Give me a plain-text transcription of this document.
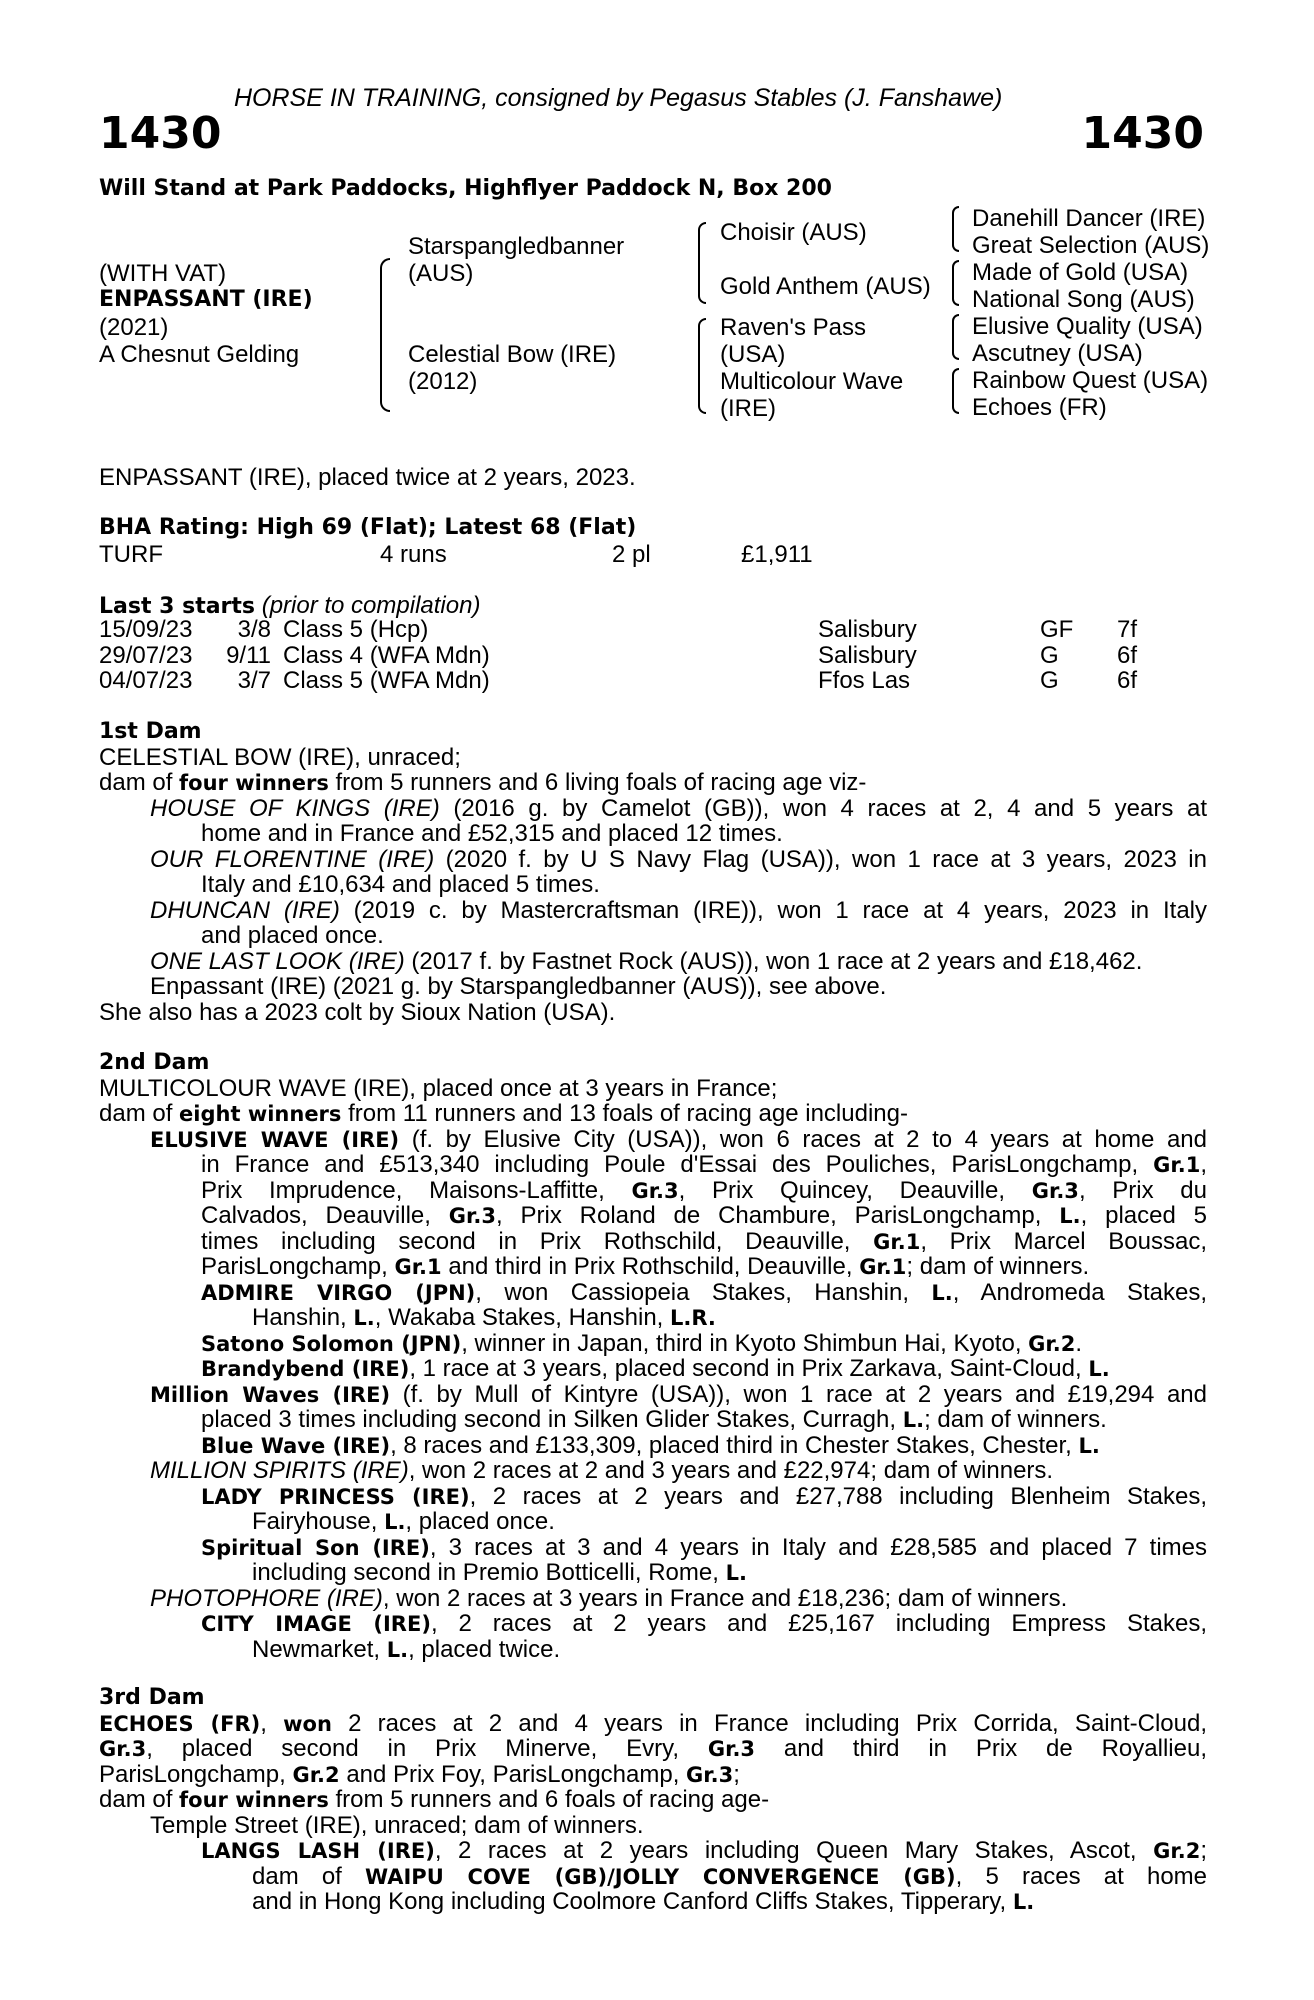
HORSE IN TRAINING, consigned by Pegasus Stables (J. Fanshawe)
1430	1430
Will Stand at Park Paddocks, Highflyer Paddock N, Box 200
(WITH VAT)
ENPASSANT (IRE)
(2021)
A Chesnut Gelding
Starspangledbanner
(AUS)
Celestial Bow (IRE)
(2012)
Choisir (AUS)
Gold Anthem (AUS)
Raven's Pass
(USA)
Multicolour Wave
(IRE)
Danehill Dancer (IRE)
Great Selection (AUS)
Made of Gold (USA)
National Song (AUS)
Elusive Quality (USA)
Ascutney (USA)
Rainbow Quest (USA)
Echoes (FR)
ENPASSANT (IRE), placed twice at 2 years, 2023.
BHA Rating: High 69 (Flat); Latest 68 (Flat)
TURF	4 runs	2 pl	£1,911
Last 3 starts (prior to compilation)
15/09/23	3/8	Class 5 (Hcp)	Salisbury	GF	7f
29/07/23	9/11	Class 4 (WFA Mdn)	Salisbury	G	6f
04/07/23	3/7	Class 5 (WFA Mdn)	Ffos Las	G	6f
1st Dam
CELESTIAL BOW (IRE), unraced;
dam of four winners from 5 runners and 6 living foals of racing age viz-
HOUSE OF KINGS (IRE) (2016 g. by Camelot (GB)), won 4 races at 2, 4 and 5 years at
home and in France and £52,315 and placed 12 times.
OUR FLORENTINE (IRE) (2020 f. by U S Navy Flag (USA)), won 1 race at 3 years, 2023 in
Italy and £10,634 and placed 5 times.
DHUNCAN (IRE) (2019 c. by Mastercraftsman (IRE)), won 1 race at 4 years, 2023 in Italy
and placed once.
ONE LAST LOOK (IRE) (2017 f. by Fastnet Rock (AUS)), won 1 race at 2 years and £18,462.
Enpassant (IRE) (2021 g. by Starspangledbanner (AUS)), see above.
She also has a 2023 colt by Sioux Nation (USA).
2nd Dam
MULTICOLOUR WAVE (IRE), placed once at 3 years in France;
dam of eight winners from 11 runners and 13 foals of racing age including-
ELUSIVE WAVE (IRE) (f. by Elusive City (USA)), won 6 races at 2 to 4 years at home and
in France and £513,340 including Poule d'Essai des Pouliches, ParisLongchamp, Gr.1,
Prix Imprudence, Maisons-Laffitte, Gr.3, Prix Quincey, Deauville, Gr.3, Prix du
Calvados, Deauville, Gr.3, Prix Roland de Chambure, ParisLongchamp, L., placed 5
times including second in Prix Rothschild, Deauville, Gr.1, Prix Marcel Boussac,
ParisLongchamp, Gr.1 and third in Prix Rothschild, Deauville, Gr.1; dam of winners.
ADMIRE VIRGO (JPN), won Cassiopeia Stakes, Hanshin, L., Andromeda Stakes,
Hanshin, L., Wakaba Stakes, Hanshin, L.R.
Satono Solomon (JPN), winner in Japan, third in Kyoto Shimbun Hai, Kyoto, Gr.2.
Brandybend (IRE), 1 race at 3 years, placed second in Prix Zarkava, Saint-Cloud, L.
Million Waves (IRE) (f. by Mull of Kintyre (USA)), won 1 race at 2 years and £19,294 and
placed 3 times including second in Silken Glider Stakes, Curragh, L.; dam of winners.
Blue Wave (IRE), 8 races and £133,309, placed third in Chester Stakes, Chester, L.
MILLION SPIRITS (IRE), won 2 races at 2 and 3 years and £22,974; dam of winners.
LADY PRINCESS (IRE), 2 races at 2 years and £27,788 including Blenheim Stakes,
Fairyhouse, L., placed once.
Spiritual Son (IRE), 3 races at 3 and 4 years in Italy and £28,585 and placed 7 times
including second in Premio Botticelli, Rome, L.
PHOTOPHORE (IRE), won 2 races at 3 years in France and £18,236; dam of winners.
CITY IMAGE (IRE), 2 races at 2 years and £25,167 including Empress Stakes,
Newmarket, L., placed twice.
3rd Dam
ECHOES (FR), won 2 races at 2 and 4 years in France including Prix Corrida, Saint-Cloud,
Gr.3, placed second in Prix Minerve, Evry, Gr.3 and third in Prix de Royallieu,
ParisLongchamp, Gr.2 and Prix Foy, ParisLongchamp, Gr.3;
dam of four winners from 5 runners and 6 foals of racing age-
Temple Street (IRE), unraced; dam of winners.
LANGS LASH (IRE), 2 races at 2 years including Queen Mary Stakes, Ascot, Gr.2;
dam of WAIPU COVE (GB)/JOLLY CONVERGENCE (GB), 5 races at home
and in Hong Kong including Coolmore Canford Cliffs Stakes, Tipperary, L.
